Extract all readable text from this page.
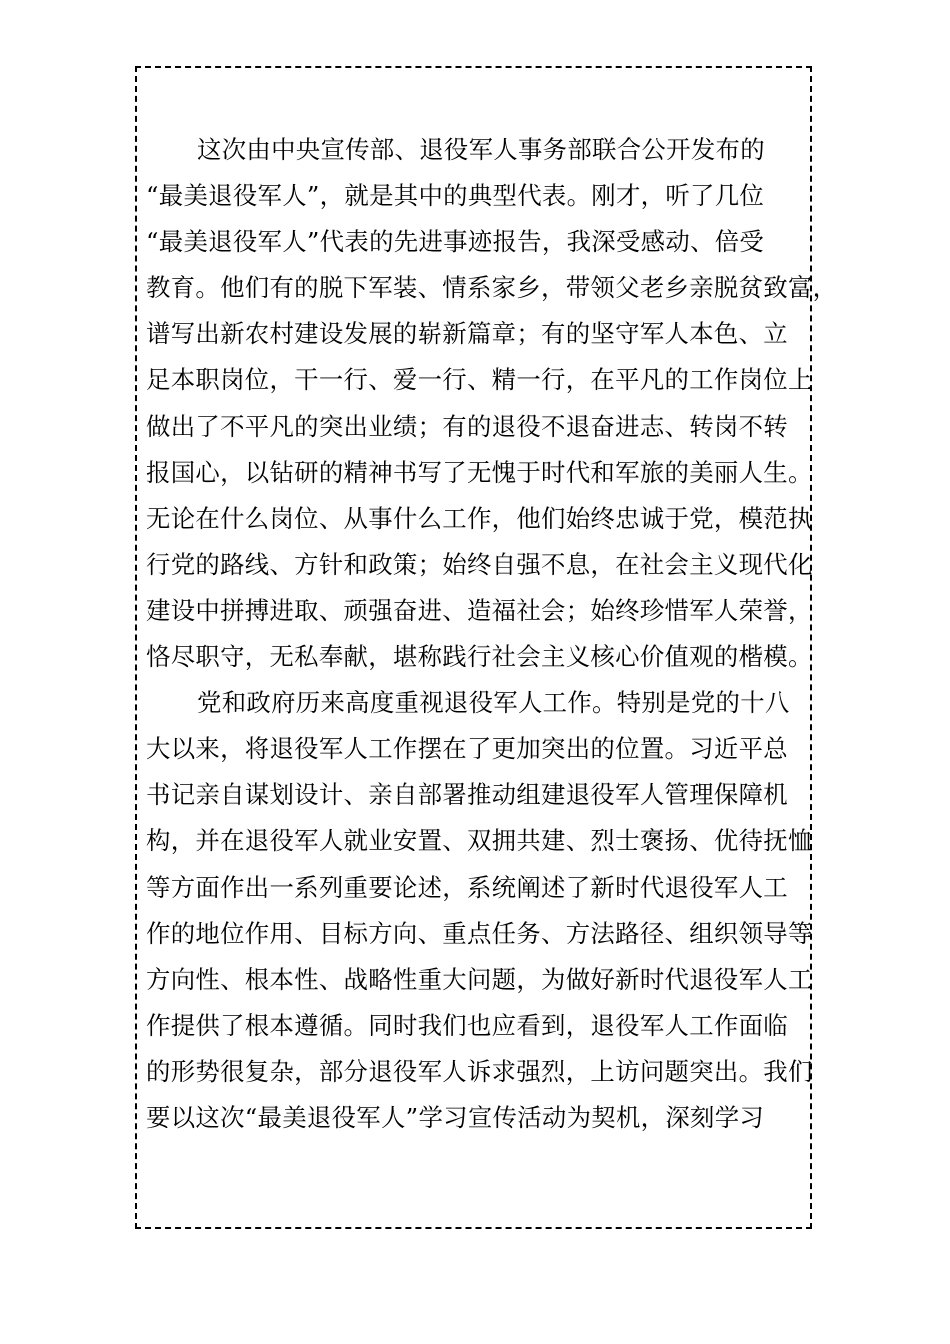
这次由中央宣传部、退役军人事务部联合公开发布的
“最美退役军人”，就是其中的典型代表。刚才，听了几位
“最美退役军人”代表的先进事迹报告，我深受感动、倍受
教育。他们有的脱下军装、情系家乡，带领父老乡亲脱贫致富，
谱写出新农村建设发展的崭新篇章；有的坚守军人本色、立
足本职岗位，干一行、爱一行、精一行，在平凡的工作岗位上
做出了不平凡的突出业绩；有的退役不退奋进志、转岗不转
报国心，以钻研的精神书写了无愧于时代和军旅的美丽人生。
无论在什么岗位、从事什么工作，他们始终忠诚于党，模范执
行党的路线、方针和政策；始终自强不息，在社会主义现代化
建设中拼搏进取、顽强奋进、造福社会；始终珍惜军人荣誉，
恪尽职守，无私奉献，堪称践行社会主义核心价值观的楷模。
党和政府历来高度重视退役军人工作。特别是党的十八
大以来，将退役军人工作摆在了更加突出的位置。习近平总
书记亲自谋划设计、亲自部署推动组建退役军人管理保障机
构，并在退役军人就业安置、双拥共建、烈士褒扬、优待抚恤
等方面作出一系列重要论述，系统阐述了新时代退役军人工
作的地位作用、目标方向、重点任务、方法路径、组织领导等
方向性、根本性、战略性重大问题，为做好新时代退役军人工
作提供了根本遵循。同时我们也应看到，退役军人工作面临
的形势很复杂，部分退役军人诉求强烈，上访问题突出。我们
要以这次“最美退役军人”学习宣传活动为契机，深刻学习
